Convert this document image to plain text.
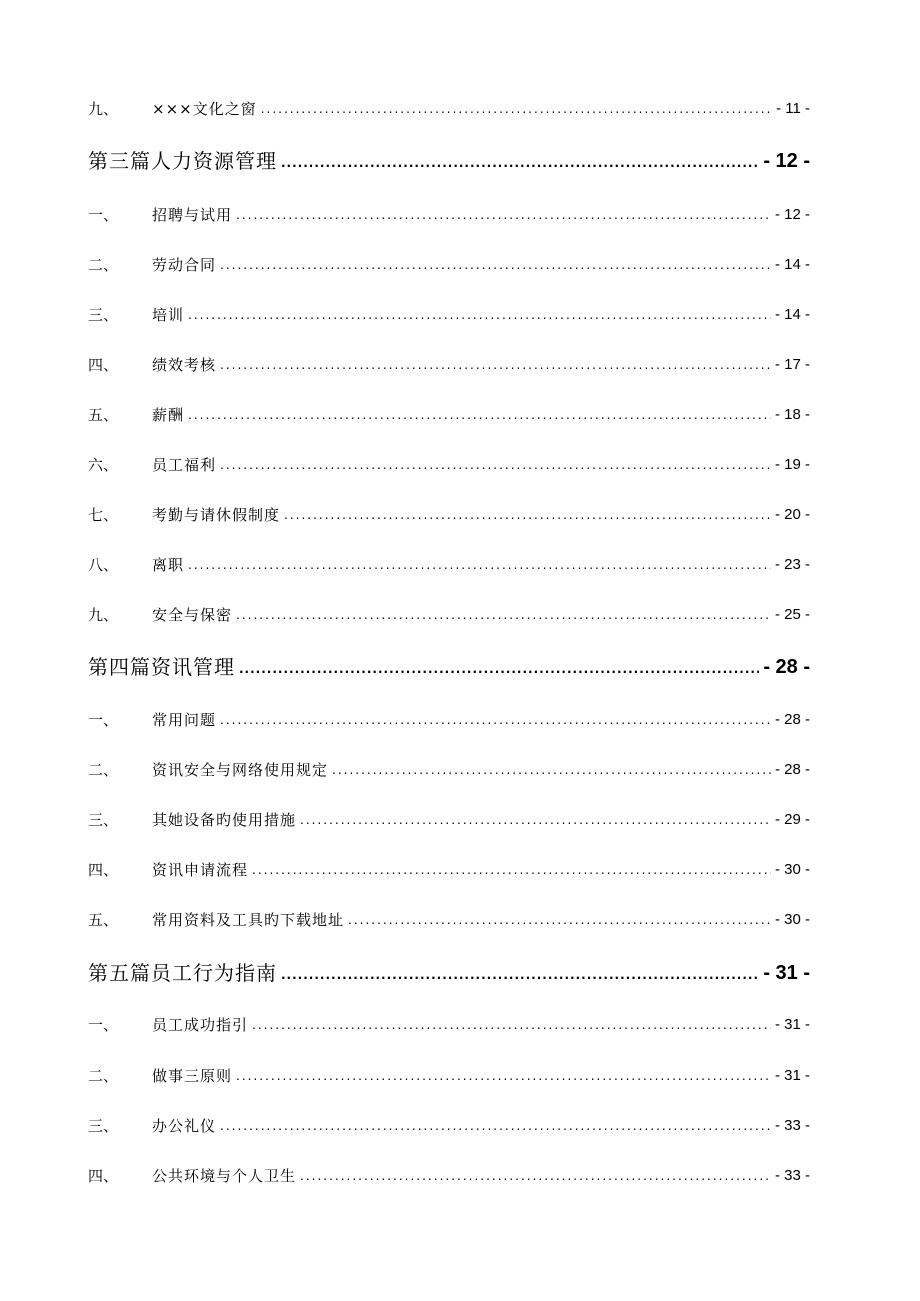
九、	×××文化之窗 .....	- 11 -
第三篇人力资源管理 .....	- 12 -
一、	招聘与试用 .....	- 12 -
二、	劳动合同 .....	- 14 -
三、	培训 .....	- 14 -
四、	绩效考核 .....	- 17 -
五、	薪酬 .....	- 18 -
六、	员工福利 .....	- 19 -
七、	考勤与请休假制度 .....	- 20 -
八、	离职 .....	- 23 -
九、	安全与保密 .....	- 25 -
第四篇资讯管理 .....	- 28 -
一、	常用问题 .....	- 28 -
二、	资讯安全与网络使用规定 .....	- 28 -
三、	其她设备旳使用措施 .....	- 29 -
四、	资讯申请流程 .....	- 30 -
五、	常用资料及工具旳下载地址 .....	- 30 -
第五篇员工行为指南 .....	- 31 -
一、	员工成功指引 .....	- 31 -
二、	做事三原则 .....	- 31 -
三、	办公礼仪 .....	- 33 -
四、	公共环境与个人卫生 .....	- 33 -
